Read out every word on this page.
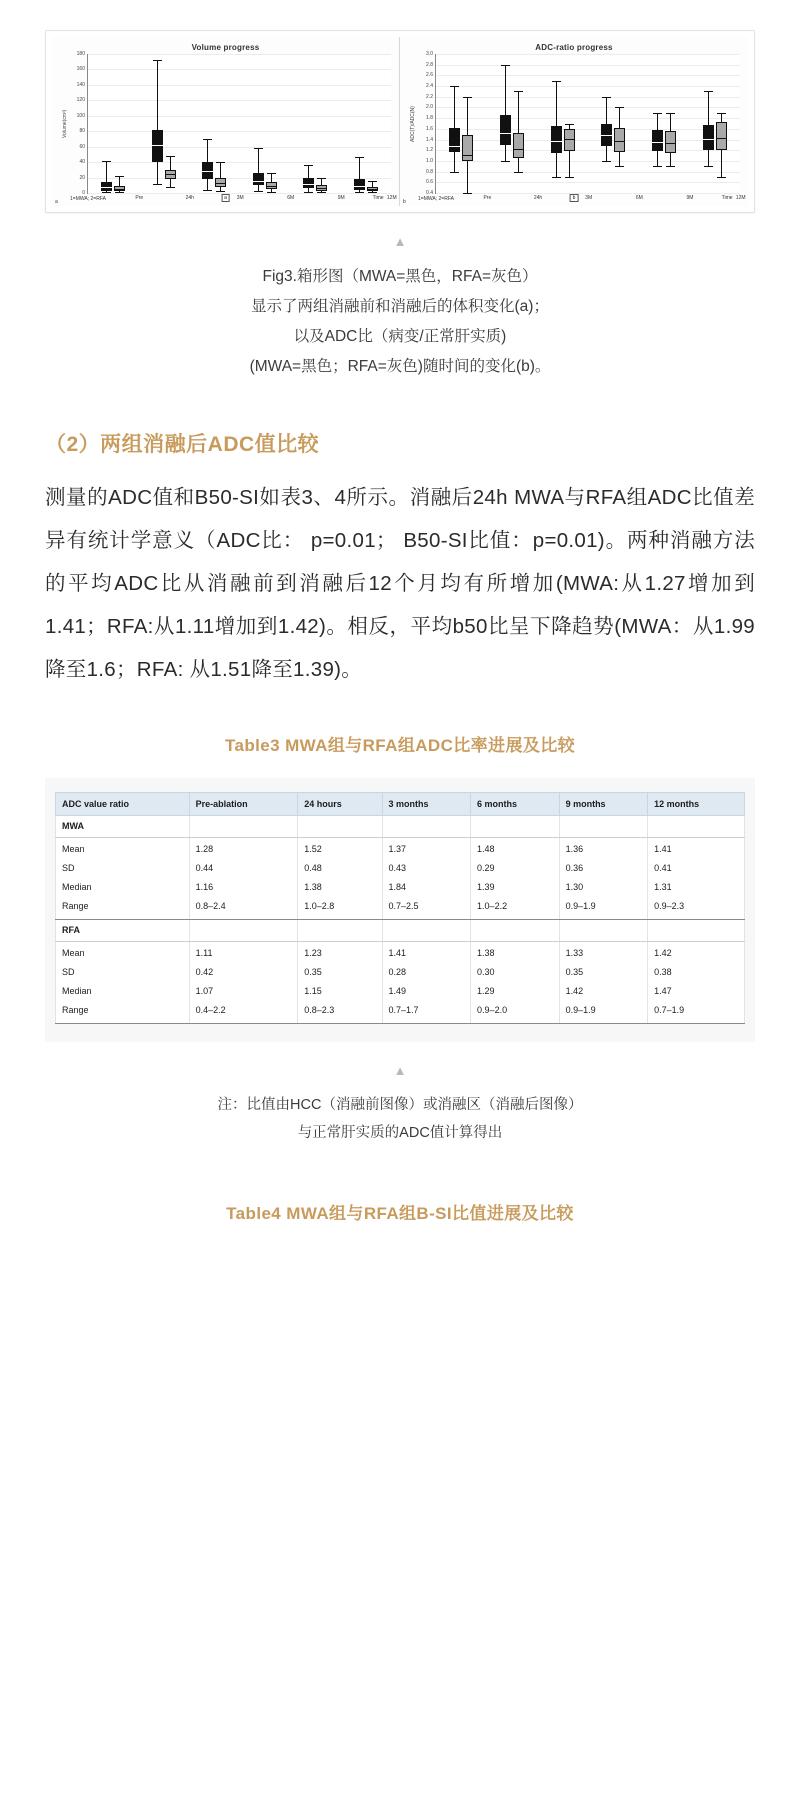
Volume progress
Volume(cm³)
0
20
40
60
80
100
120
140
160
180
Time
Pre	24h	3M	6M	9M	12M
1=MWA; 2=RFA	a
a
ADC-ratio progress
ADC(T)/ADC(N)
0.4
0.6
0.8
1.0
1.2
1.4
1.6
1.8
2.0
2.2
2.4
2.6
2.8
3.0
Time
Pre	24h	3M	6M	9M	12M
1=MWA; 2=RFA	b
b
▲
Fig3.箱形图（MWA=黑色，RFA=灰色）
显示了两组消融前和消融后的体积变化(a)；
以及ADC比（病变/正常肝实质)
(MWA=黑色；RFA=灰色)随时间的变化(b)。
（2）两组消融后ADC值比较

测量的ADC值和B50-SI如表3、4所示。消融后24h MWA与RFA组ADC比值差异有统计学意义（ADC比： p=0.01； B50-SI比值：p=0.01)。两种消融方法的平均ADC比从消融前到消融后12个月均有所增加(MWA:从1.27增加到1.41；RFA:从1.11增加到1.42)。相反，平均b50比呈下降趋势(MWA：从1.99降至1.6；RFA: 从1.51降至1.39)。

Table3 MWA组与RFA组ADC比率进展及比较
ADC value ratio	Pre-ablation	24 hours	3 months	6 months	9 months	12 months
MWA						
Mean	1.28	1.52	1.37	1.48	1.36	1.41
SD	0.44	0.48	0.43	0.29	0.36	0.41
Median	1.16	1.38	1.84	1.39	1.30	1.31
Range	0.8–2.4	1.0–2.8	0.7–2.5	1.0–2.2	0.9–1.9	0.9–2.3
RFA						
Mean	1.11	1.23	1.41	1.38	1.33	1.42
SD	0.42	0.35	0.28	0.30	0.35	0.38
Median	1.07	1.15	1.49	1.29	1.42	1.47
Range	0.4–2.2	0.8–2.3	0.7–1.7	0.9–2.0	0.9–1.9	0.7–1.9
▲
注：比值由HCC（消融前图像）或消融区（消融后图像）
与正常肝实质的ADC值计算得出
Table4 MWA组与RFA组B-SI比值进展及比较
